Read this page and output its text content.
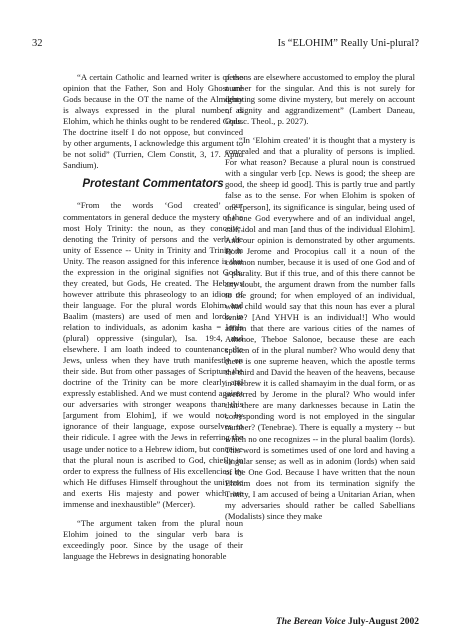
32	Is “ELOHIM” Really Uni-plural?

“A certain Catholic and learned writer is of the opinion that the Father, Son and Holy Ghost are Gods because in the OT the name of the Almighty is always expressed in the plural number, as Elohim, which he thinks ought to be rendered Gods. The doctrine itself I do not oppose, but convinced by other arguments, I acknowledge this argument to be not solid” (Turrien, Clem Constit, 3, 17. Apud Sandium).

Protestant Commentators

“From the words ‘God created’ our commentators in general deduce the mystery of the most Holy Trinity: the noun, as they conceive, denoting the Trinity of persons and the verb the unity of Essence -- Unity in Trinity and Trinity in Unity. The reason assigned for this inference is that the expression in the original signifies not Gods, they created, but Gods, He created. The Hebrews however attribute this phraseology to an idiom of their language. For the plural words Elohim and Baalim (masters) are used of men and lords, in relation to individuals, as adonim kasha = lords (plural) oppressive (singular), Isa. 19:4, and elsewhere. I am loath indeed to countenance the Jews, unless when they have truth manifestly on their side. But from other passages of Scripture the doctrine of the Trinity can be more clearly and expressly established. And we must contend against our adversaries with stronger weapons than this [argument from Elohim], if we would not, by ignorance of their language, expose ourselves to their ridicule. I agree with the Jews in referring the usage under notice to a Hebrew idiom, but conceive that the plural noun is ascribed to God, chiefly in order to express the fullness of His excellencies, by which He diffuses Himself throughout the universe and exerts His majesty and power which are immense and inexhaustible” (Mercer).

“The argument taken from the plural noun Elohim joined to the singular verb bara is exceedingly poor. Since by the usage of their language the Hebrews in designating honorable

persons are elsewhere accustomed to employ the plural number for the singular. And this is not surely for denoting some divine mystery, but merely on account of dignity and aggrandizement” (Lambert Daneau, Opusc. Theol., p. 2027).

“In ‘Elohim created’ it is thought that a mystery is concealed and that a plurality of persons is implied. For what reason? Because a plural noun is construed with a singular verb [cp. News is good; the sheep are good, the sheep id good]. This is partly true and partly false as to the sense. For when Elohim is spoken of one [person], its significance is singular, being used of the one God everywhere and of an individual angel, calf, idol and man [and thus of the individual Elohim]. And our opinion is demonstrated by other arguments. Both Jerome and Procopius call it a noun of the common number, because it is used of one God and of a plurality. But if this true, and of this there cannot be any doubt, the argument drawn from the number falls to the ground; for when employed of an individual, what child would say that this noun has ever a plural sense? [And YHVH is an individual!] Who would affirm that there are various cities of the names of Athenoe, Theboe Salonoe, because these are each spoken of in the plural number? Who would deny that there is one supreme heaven, which the apostle terms the third and David the heaven of the heavens, because in Hebrew it is called shamayim in the dual form, or as preferred by Jerome in the plural? Who would infer that there are many darknesses because in Latin the corresponding word is not employed in the singular number? (Tenebrae). There is equally a mystery -- but which no one recognizes -- in the plural baalim (lords). This word is sometimes used of one lord and having a singular sense; as well as in adonim (lords) when said of the One God. Because I have written that the noun Elohim does not from its termination signify the Trinity, I am accused of being a Unitarian Arian, when my adversaries should rather be called Sabellians (Modalists) since they make

The Berean Voice July-August 2002
